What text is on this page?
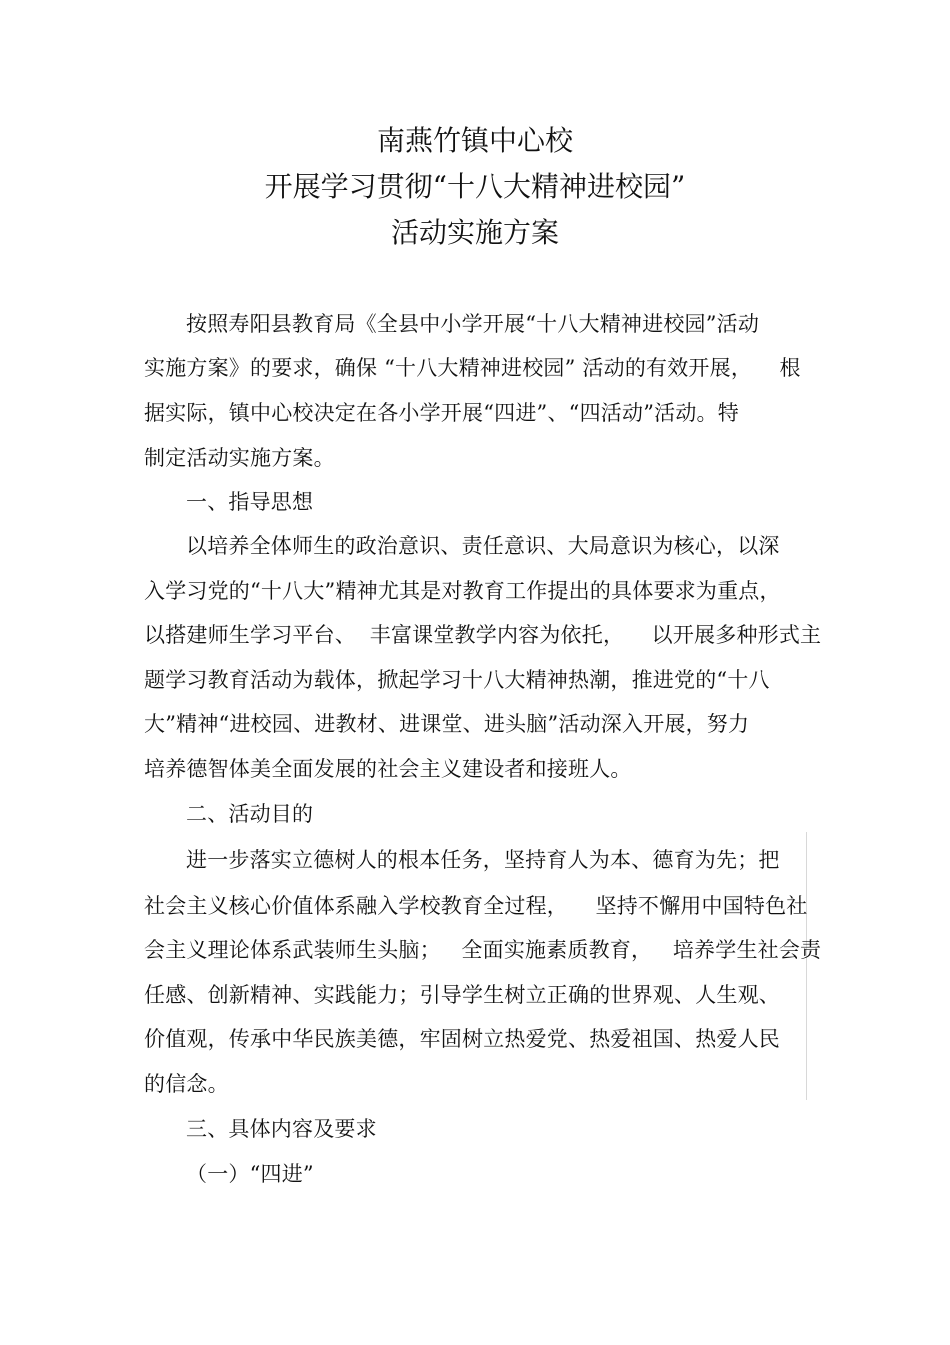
南燕竹镇中心校
开展学习贯彻“十八大精神进校园”
活动实施方案
按照寿阳县教育局《全县中小学开展“十八大精神进校园”活动
实施方案》的要求，确保 “十八大精神进校园” 活动的有效开展，    根
据实际，镇中心校决定在各小学开展“四进”、“四活动”活动。特
制定活动实施方案。
一、指导思想
以培养全体师生的政治意识、责任意识、大局意识为核心，以深
入学习党的“十八大”精神尤其是对教育工作提出的具体要求为重点，
以搭建师生学习平台、  丰富课堂教学内容为依托，    以开展多种形式主
题学习教育活动为载体，掀起学习十八大精神热潮，推进党的“十八
大”精神“进校园、进教材、进课堂、进头脑”活动深入开展，努力
培养德智体美全面发展的社会主义建设者和接班人。
二、活动目的
进一步落实立德树人的根本任务，坚持育人为本、德育为先；把
社会主义核心价值体系融入学校教育全过程，    坚持不懈用中国特色社
会主义理论体系武装师生头脑；   全面实施素质教育，   培养学生社会责
任感、创新精神、实践能力；引导学生树立正确的世界观、人生观、
价值观，传承中华民族美德，牢固树立热爱党、热爱祖国、热爱人民
的信念。
三、具体内容及要求
（一）“四进”
